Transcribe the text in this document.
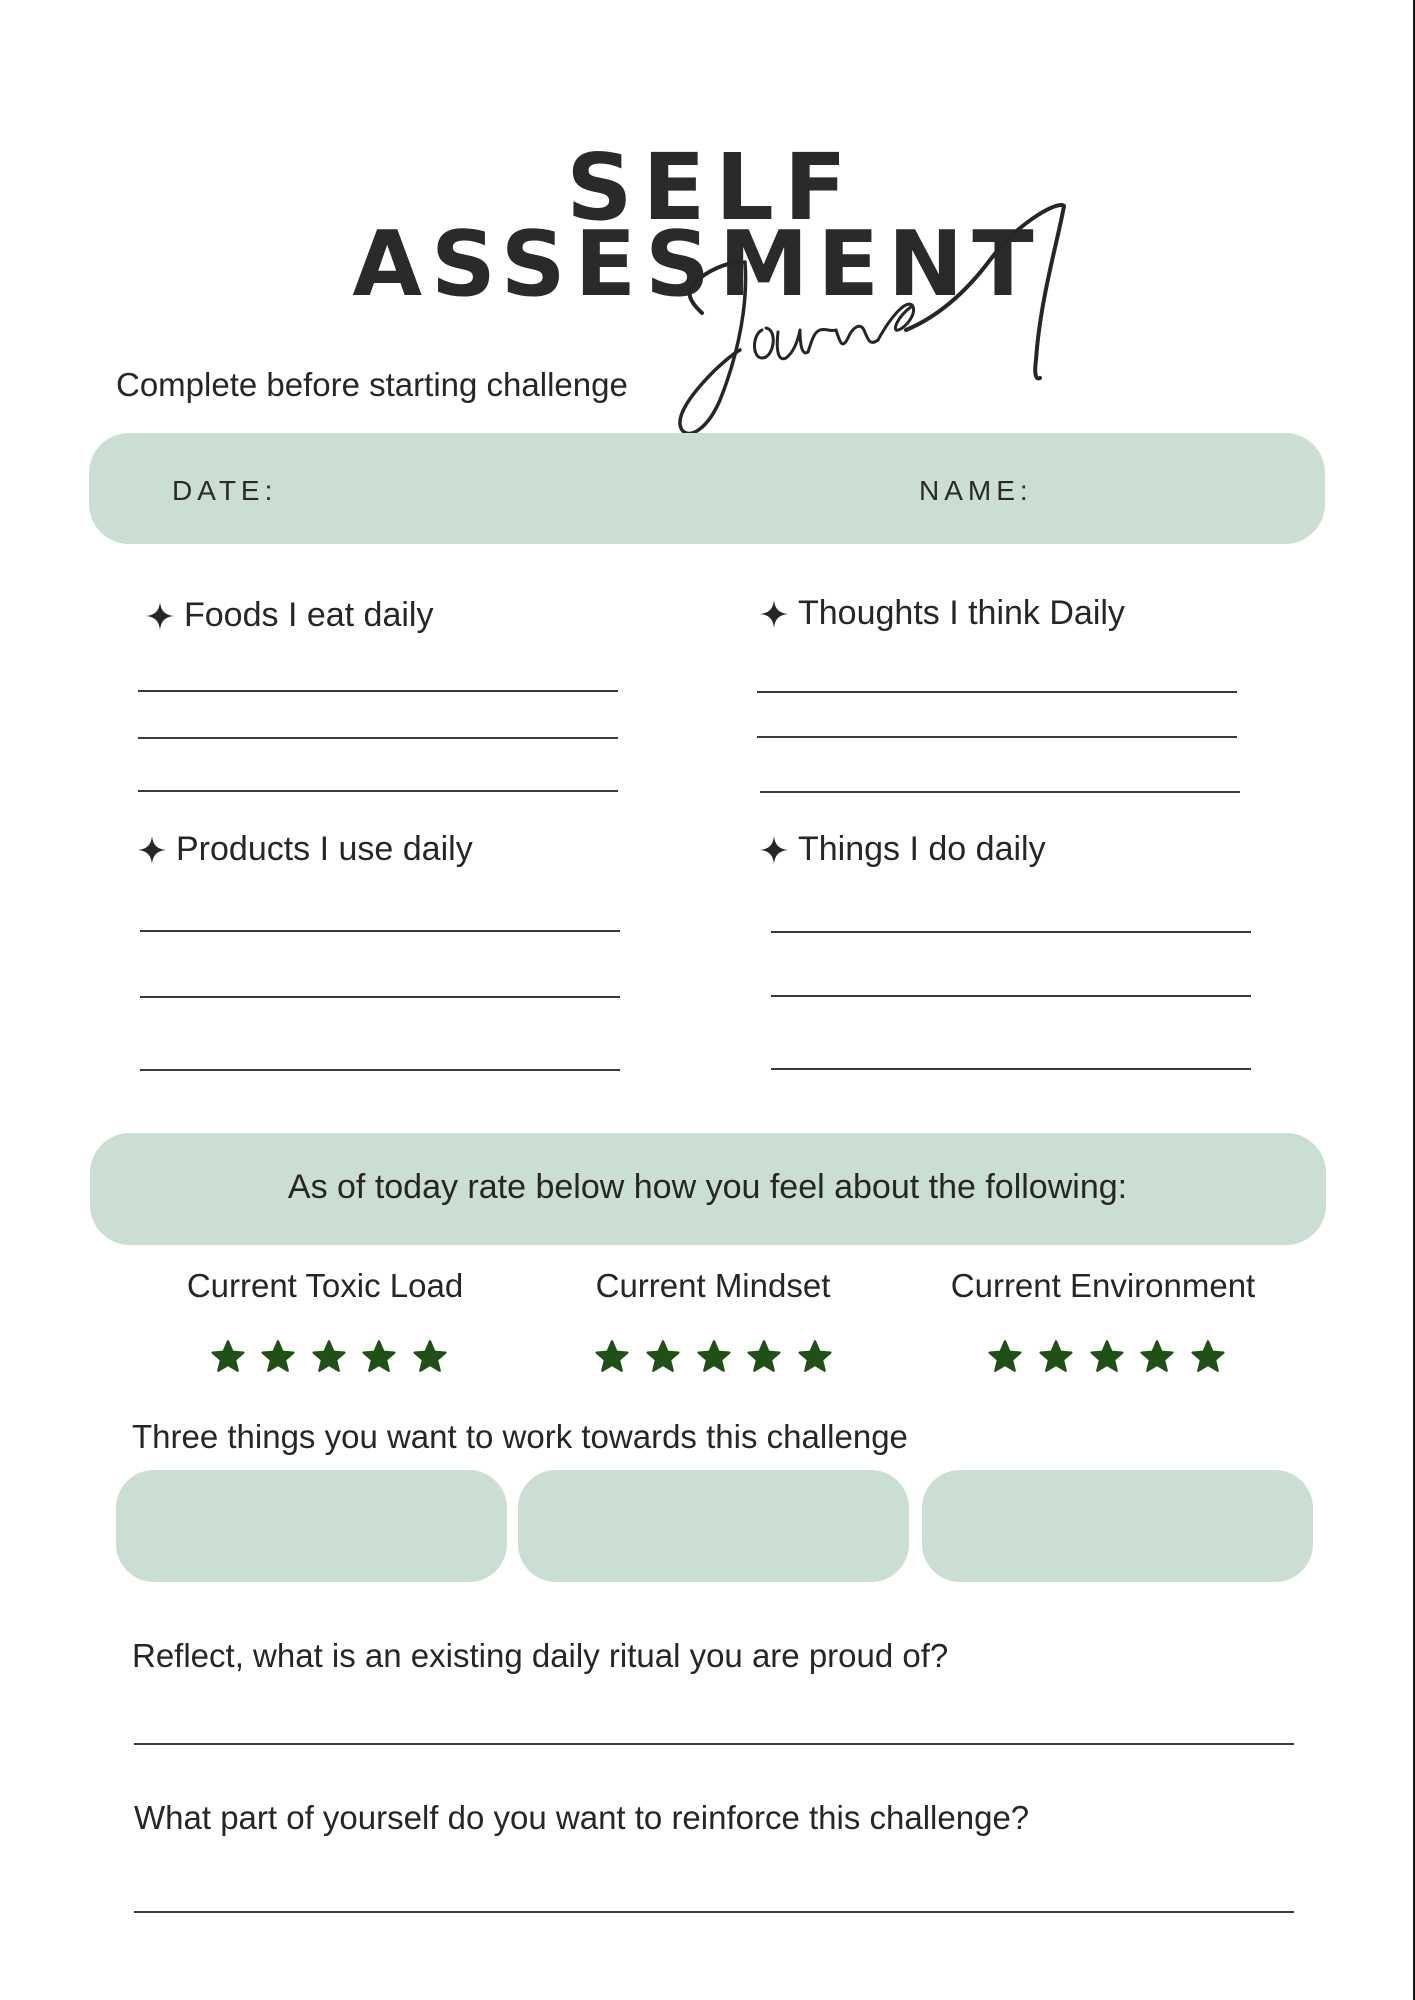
SELF
ASSESMENT
Complete before starting challenge
DATE:	NAME:
Foods I eat daily	Thoughts I think Daily
Products I use daily	Things I do daily
As of today rate below how you feel about the following:
Current Toxic Load	Current Mindset	Current Environment
Three things you want to work towards this challenge
Reflect, what is an existing daily ritual you are proud of?
What part of yourself do you want to reinforce this challenge?
